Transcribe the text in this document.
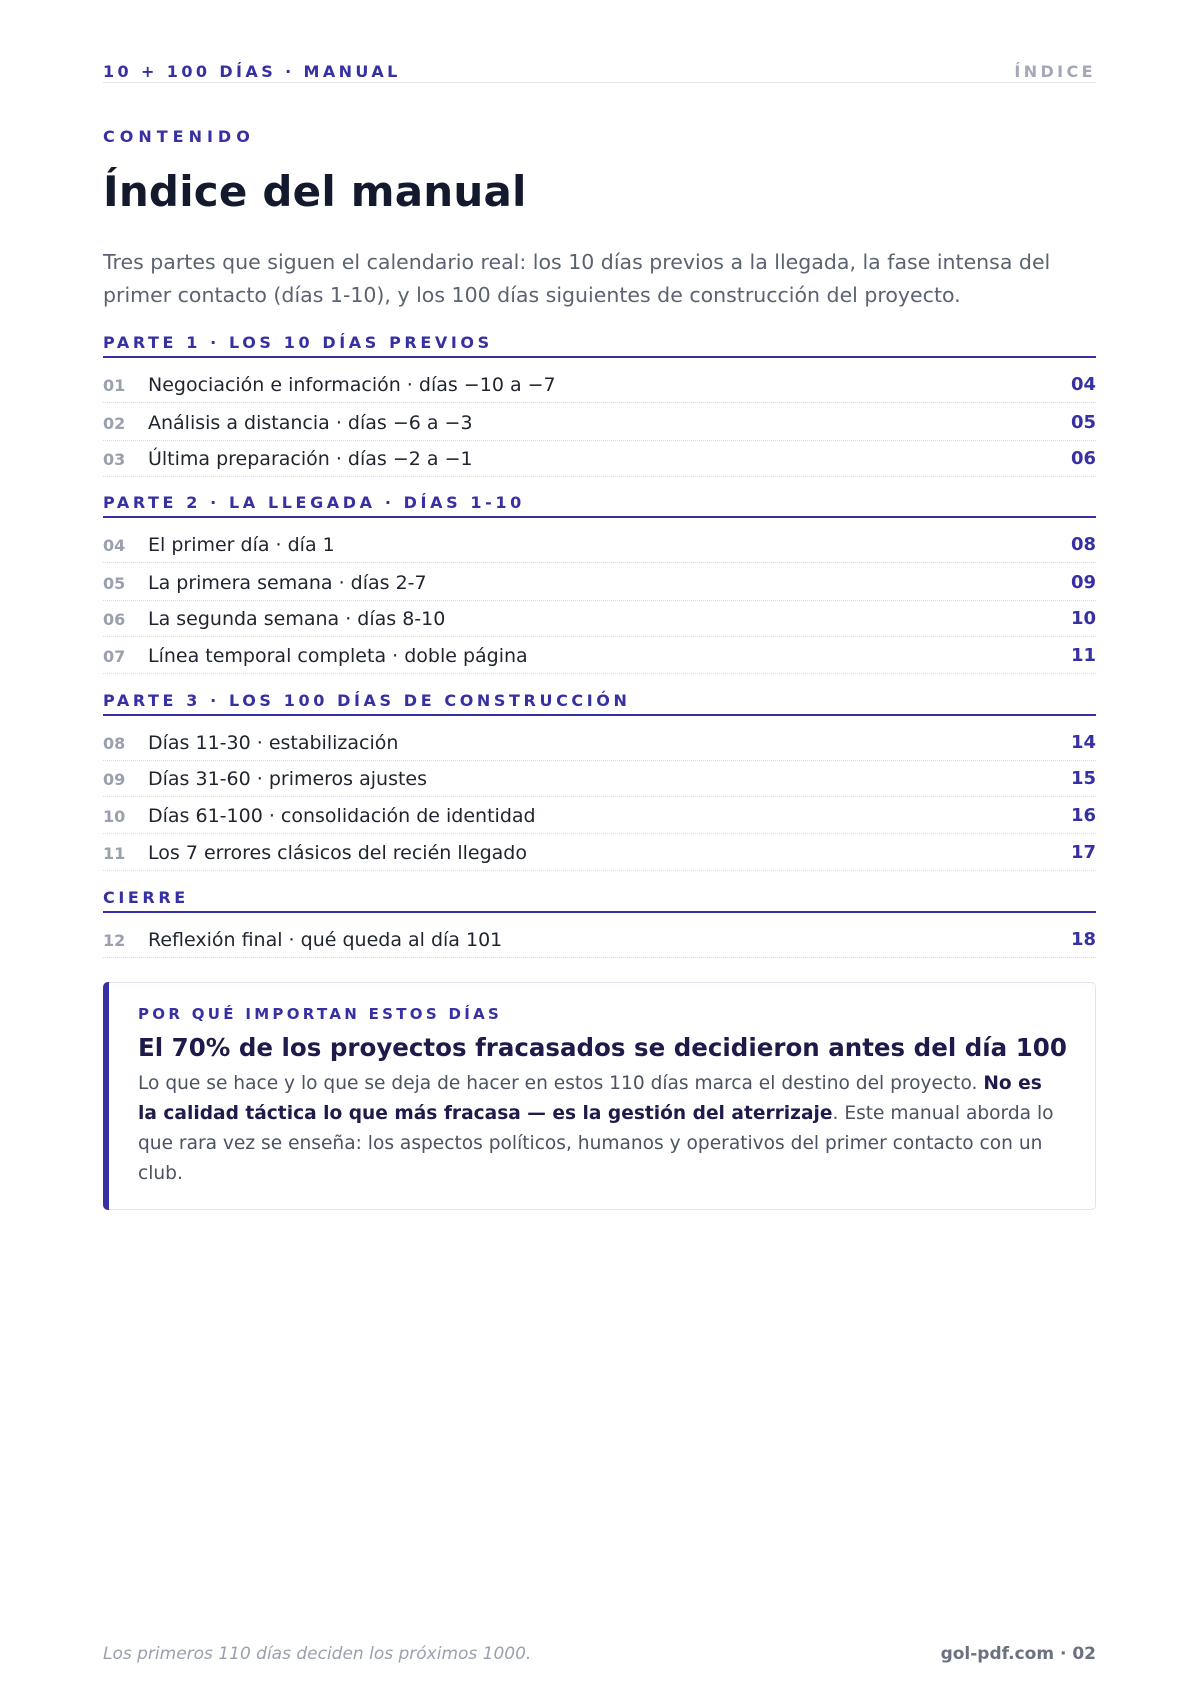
10 + 100 DÍAS · MANUAL	ÍNDICE
CONTENIDO
Índice del manual

Tres partes que siguen el calendario real: los 10 días previos a la llegada, la fase intensa del primer contacto (días 1-10), y los 100 días siguientes de construcción del proyecto.

PARTE 1 · LOS 10 DÍAS PREVIOS
01 Negociación e información · días −10 a −7	04
02 Análisis a distancia · días −6 a −3	05
03 Última preparación · días −2 a −1	06
PARTE 2 · LA LLEGADA · DÍAS 1-10
04 El primer día · día 1	08
05 La primera semana · días 2-7	09
06 La segunda semana · días 8-10	10
07 Línea temporal completa · doble página	11
PARTE 3 · LOS 100 DÍAS DE CONSTRUCCIÓN
08 Días 11-30 · estabilización	14
09 Días 31-60 · primeros ajustes	15
10 Días 61-100 · consolidación de identidad	16
11 Los 7 errores clásicos del recién llegado	17
CIERRE
12 Reflexión final · qué queda al día 101	18
POR QUÉ IMPORTAN ESTOS DÍAS
El 70% de los proyectos fracasados se decidieron antes del día 100

Lo que se hace y lo que se deja de hacer en estos 110 días marca el destino del proyecto. No es la calidad táctica lo que más fracasa — es la gestión del aterrizaje. Este manual aborda lo que rara vez se enseña: los aspectos políticos, humanos y operativos del primer contacto con un club.

Los primeros 110 días deciden los próximos 1000.	gol-pdf.com · 02
